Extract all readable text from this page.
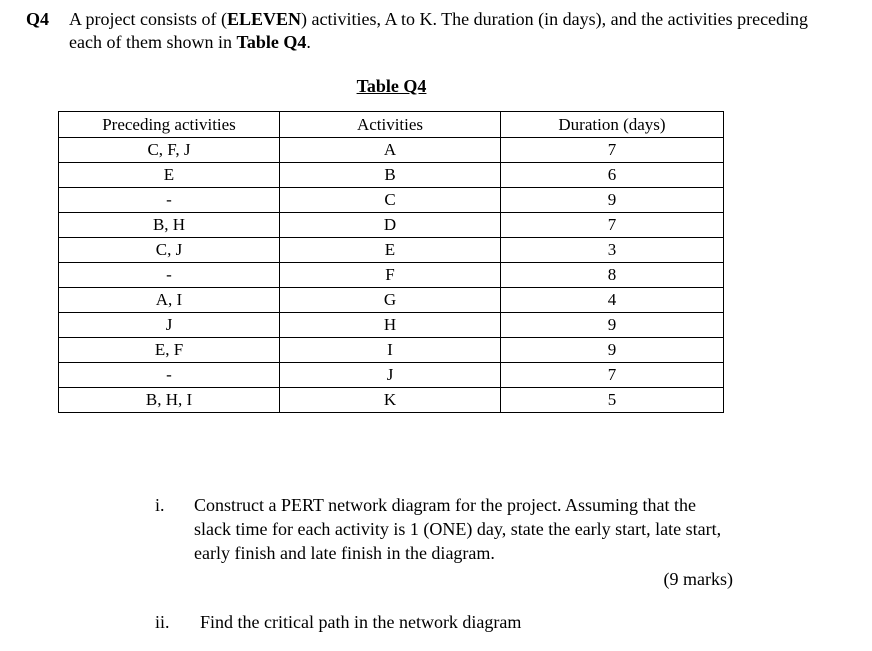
Q4 A project consists of (ELEVEN) activities, A to K. The duration (in days), and the activities preceding each of them shown in Table Q4.
Table Q4
Preceding activities	Activities	Duration (days)
C, F, J	A	7
E	B	6
-	C	9
B, H	D	7
C, J	E	3
-	F	8
A, I	G	4
J	H	9
E, F	I	9
-	J	7
B, H, I	K	5
i. Construct a PERT network diagram for the project. Assuming that the slack time for each activity is 1 (ONE) day, state the early start, late start, early finish and late finish in the diagram.
(9 marks)
ii. Find the critical path in the network diagram
